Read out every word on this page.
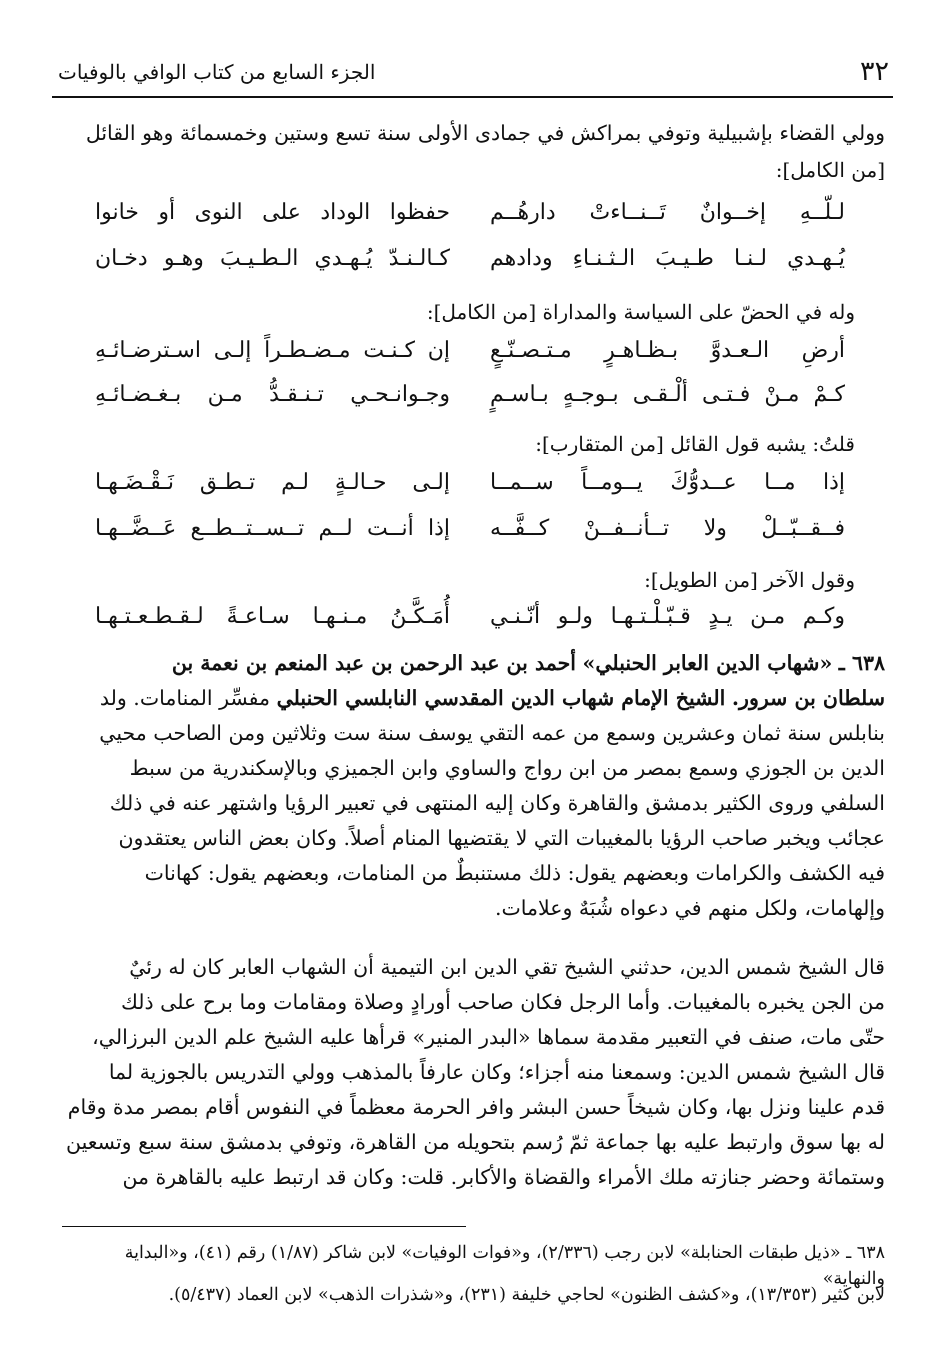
٣٢
الجزء السابع من كتاب الوافي بالوفيات
وولي القضاء بإشبيلية وتوفي بمراكش في جمادى الأولى سنة تسع وستين وخمسمائة وهو القائل
[من الكامل]:
لـلّــهِ إخــوانٌ تَــنــاءتْ دارهُــم
حفظوا الوداد على النوى أو خانوا
يُـهـدي لـنـا طـيـبَ الـثـنـاءِ ودادهم
كـالـنـدّ يُـهـدي الـطـيـبَ وهـو دخـان
وله في الحضّ على السياسة والمداراة [من الكامل]:
أرضِ الـعـدوَّ بـظـاهـرٍ مـتـصـنّـعٍ
إن كـنـت مـضـطـراً إلـى اسـترضـائـهِ
كـمْ مـنْ فـتـى ألْـقـى بـوجـهٍ بـاسـمٍ
وجـوانـحـي تـنـقـدُّ مـن بـغـضـائـهِ
قلتُ: يشبه قول القائل [من المتقارب]:
إذا مــا عــدوُّكَ يــومــاً ســمــا
إلـى حـالـةٍ لـم تـطـق نَـقْـضَـهـا
فــقــبّــلْ ولا تــأنــفــنْ كــفَّــه
إذا أنــت لــم تــســتــطــع عَــضَّــهـا
وقول الآخر [من الطويل]:
وكـم مـن يـدٍ قـبّـلْـتـهـا ولـو أنّـنـي
أُمَـكَّـنُ مـنـهـا سـاعـةً لـقـطـعـتـهـا
٦٣٨ ـ «شهاب الدين العابر الحنبلي» أحمد بن عبد الرحمن بن عبد المنعم بن نعمة بن
سلطان بن سرور. الشيخ الإمام شهاب الدين المقدسي النابلسي الحنبلي مفسِّر المنامات. ولد
بنابلس سنة ثمان وعشرين وسمع من عمه التقي يوسف سنة ست وثلاثين ومن الصاحب محيي
الدين بن الجوزي وسمع بمصر من ابن رواج والساوي وابن الجميزي وبالإسكندرية من سبط
السلفي وروى الكثير بدمشق والقاهرة وكان إليه المنتهى في تعبير الرؤيا واشتهر عنه في ذلك
عجائب ويخبر صاحب الرؤيا بالمغيبات التي لا يقتضيها المنام أصلاً. وكان بعض الناس يعتقدون
فيه الكشف والكرامات وبعضهم يقول: ذلك مستنبطٌ من المنامات، وبعضهم يقول: كهانات
وإلهامات، ولكل منهم في دعواه شُبَهٌ وعلامات.
قال الشيخ شمس الدين، حدثني الشيخ تقي الدين ابن التيمية أن الشهاب العابر كان له رئيٌ
من الجن يخبره بالمغيبات. وأما الرجل فكان صاحب أورادٍ وصلاة ومقامات وما برح على ذلك
حتّى مات، صنف في التعبير مقدمة سماها «البدر المنير» قرأها عليه الشيخ علم الدين البرزالي،
قال الشيخ شمس الدين: وسمعنا منه أجزاء؛ وكان عارفاً بالمذهب وولي التدريس بالجوزية لما
قدم علينا ونزل بها، وكان شيخاً حسن البشر وافر الحرمة معظماً في النفوس أقام بمصر مدة وقام
له بها سوق وارتبط عليه بها جماعة ثمّ رُسم بتحويله من القاهرة، وتوفي بدمشق سنة سبع وتسعين
وستمائة وحضر جنازته ملك الأمراء والقضاة والأكابر. قلت: وكان قد ارتبط عليه بالقاهرة من
٦٣٨ ـ «ذيل طبقات الحنابلة» لابن رجب (٢/٣٣٦)، و«فوات الوفيات» لابن شاكر (١/٨٧) رقم (٤١)، و«البداية والنهاية»
لابن كثير (١٣/٣٥٣)، و«كشف الظنون» لحاجي خليفة (٢٣١)، و«شذرات الذهب» لابن العماد (٥/٤٣٧).
